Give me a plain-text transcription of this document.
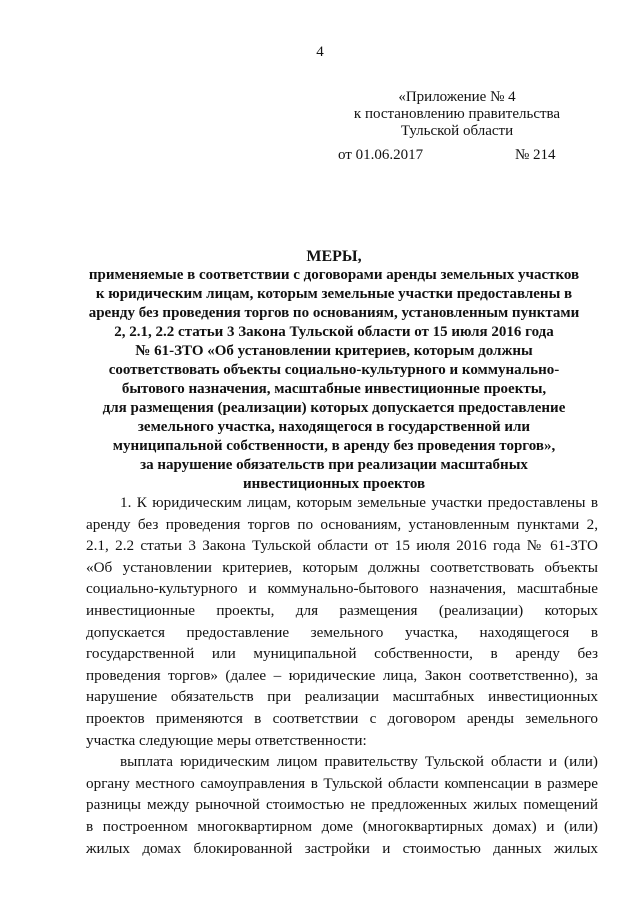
4
«Приложение № 4
к постановлению правительства
Тульской области
от 01.06.2017	№ 214
МЕРЫ,
применяемые в соответствии с договорами аренды земельных участков
к юридическим лицам, которым земельные участки предоставлены в
аренду без проведения торгов по основаниям, установленным пунктами
2, 2.1, 2.2 статьи 3 Закона Тульской области от 15 июля 2016 года
№ 61-ЗТО «Об установлении критериев, которым должны
соответствовать объекты социально-культурного и коммунально-
бытового назначения, масштабные инвестиционные проекты,
для размещения (реализации) которых допускается предоставление
земельного участка, находящегося в государственной или
муниципальной собственности, в аренду без проведения торгов»,
за нарушение обязательств при реализации масштабных
инвестиционных проектов
1. К юридическим лицам, которым земельные участки предоставлены в
аренду без проведения торгов по основаниям, установленным пунктами 2,
2.1, 2.2 статьи 3 Закона Тульской области от 15 июля 2016 года № 61-ЗТО
«Об установлении критериев, которым должны соответствовать объекты
социально-культурного и коммунально-бытового назначения, масштабные
инвестиционные проекты, для размещения (реализации) которых
допускается предоставление земельного участка, находящегося в
государственной или муниципальной собственности, в аренду без
проведения торгов» (далее – юридические лица, Закон соответственно), за
нарушение обязательств при реализации масштабных инвестиционных
проектов применяются в соответствии с договором аренды земельного
участка следующие меры ответственности:
выплата юридическим лицом правительству Тульской области и (или)
органу местного самоуправления в Тульской области компенсации в размере
разницы между рыночной стоимостью не предложенных жилых помещений
в построенном многоквартирном доме (многоквартирных домах) и (или)
жилых домах блокированной застройки и стоимостью данных жилых
